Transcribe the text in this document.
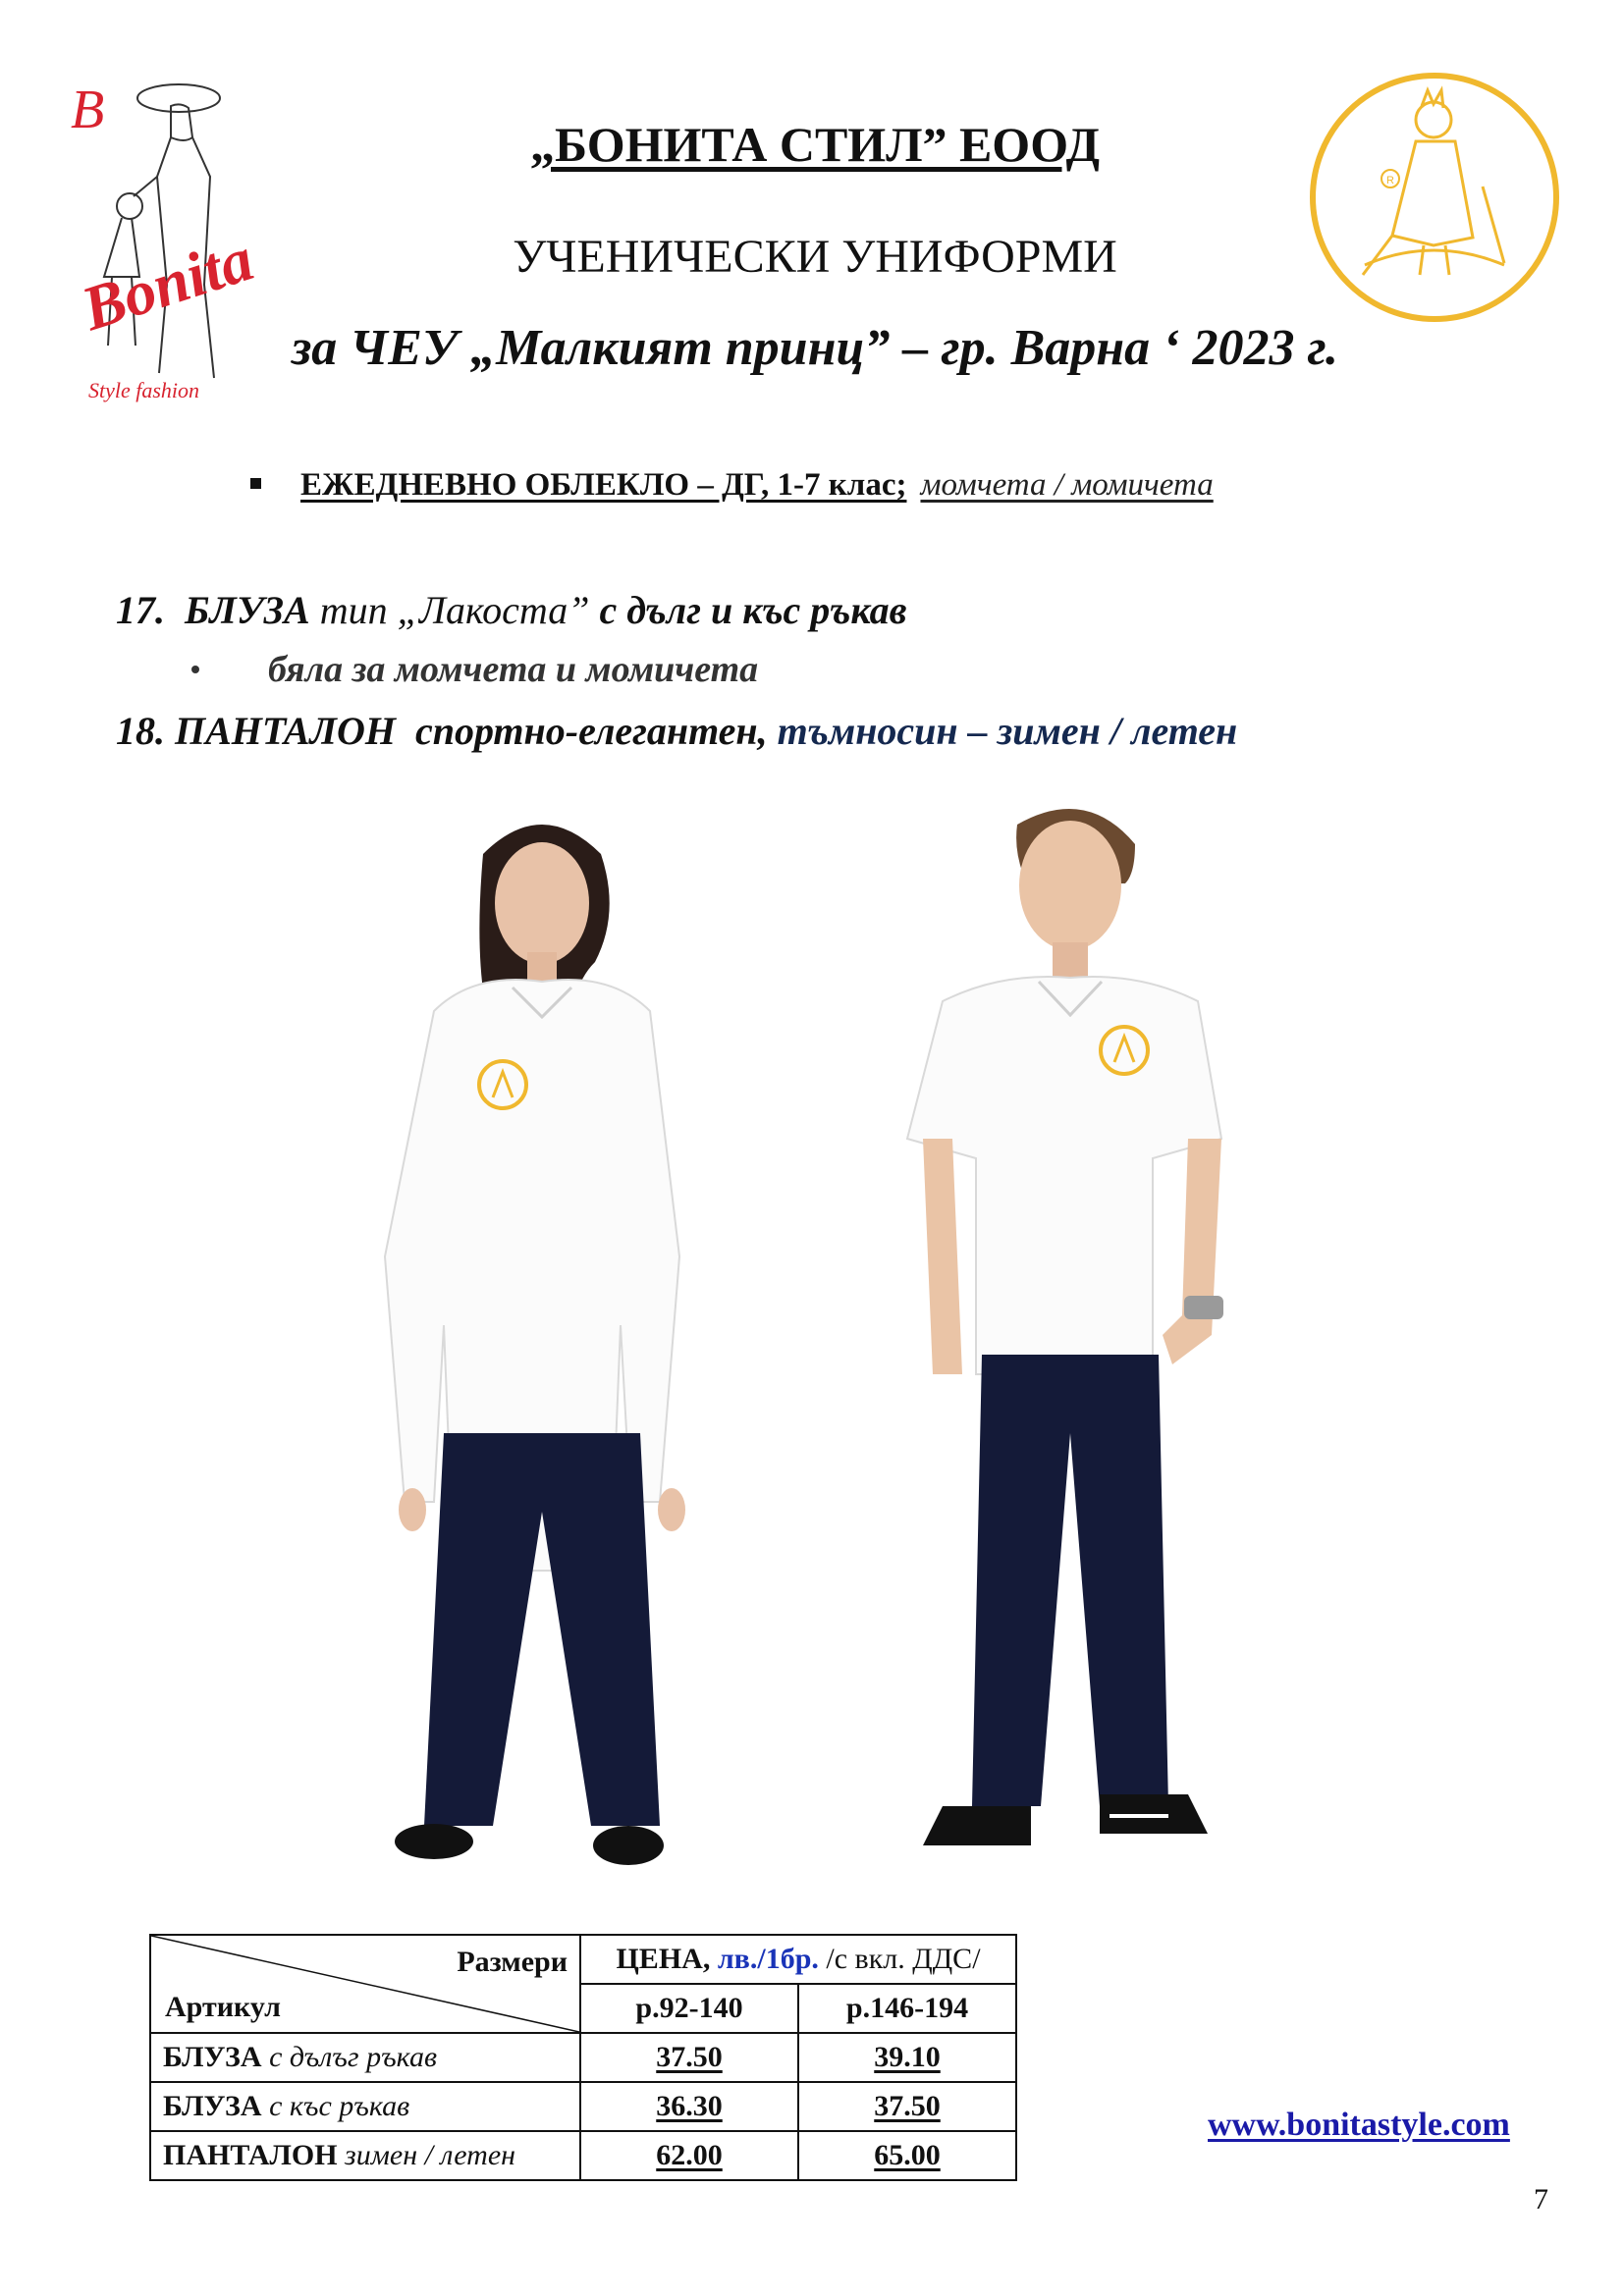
B
Bonita
Style fashion
R
„БОНИТА СТИЛ” ЕООД
УЧЕНИЧЕСКИ УНИФОРМИ
за ЧЕУ „Малкият принц” – гр. Варна ‘ 2023 г.
ЕЖЕДНЕВНО ОБЛЕКЛО – ДГ, 1-7 клас; момчета / момичета
17. БЛУЗА тип „Лакоста” с дълг и къс ръкав
бяла за момчета и момичета
18. ПАНТАЛОН спортно-елегантен, тъмносин – зимен / летен
Размери
Артикул	ЦЕНА, лв./1бр. /с вкл. ДДС/	
	р.92-140	р.146-194
БЛУЗА с дълъг ръкав	37.50	39.10
БЛУЗА с къс ръкав	36.30	37.50
ПАНТАЛОН зимен / летен	62.00	65.00
www.bonitastyle.com
7
